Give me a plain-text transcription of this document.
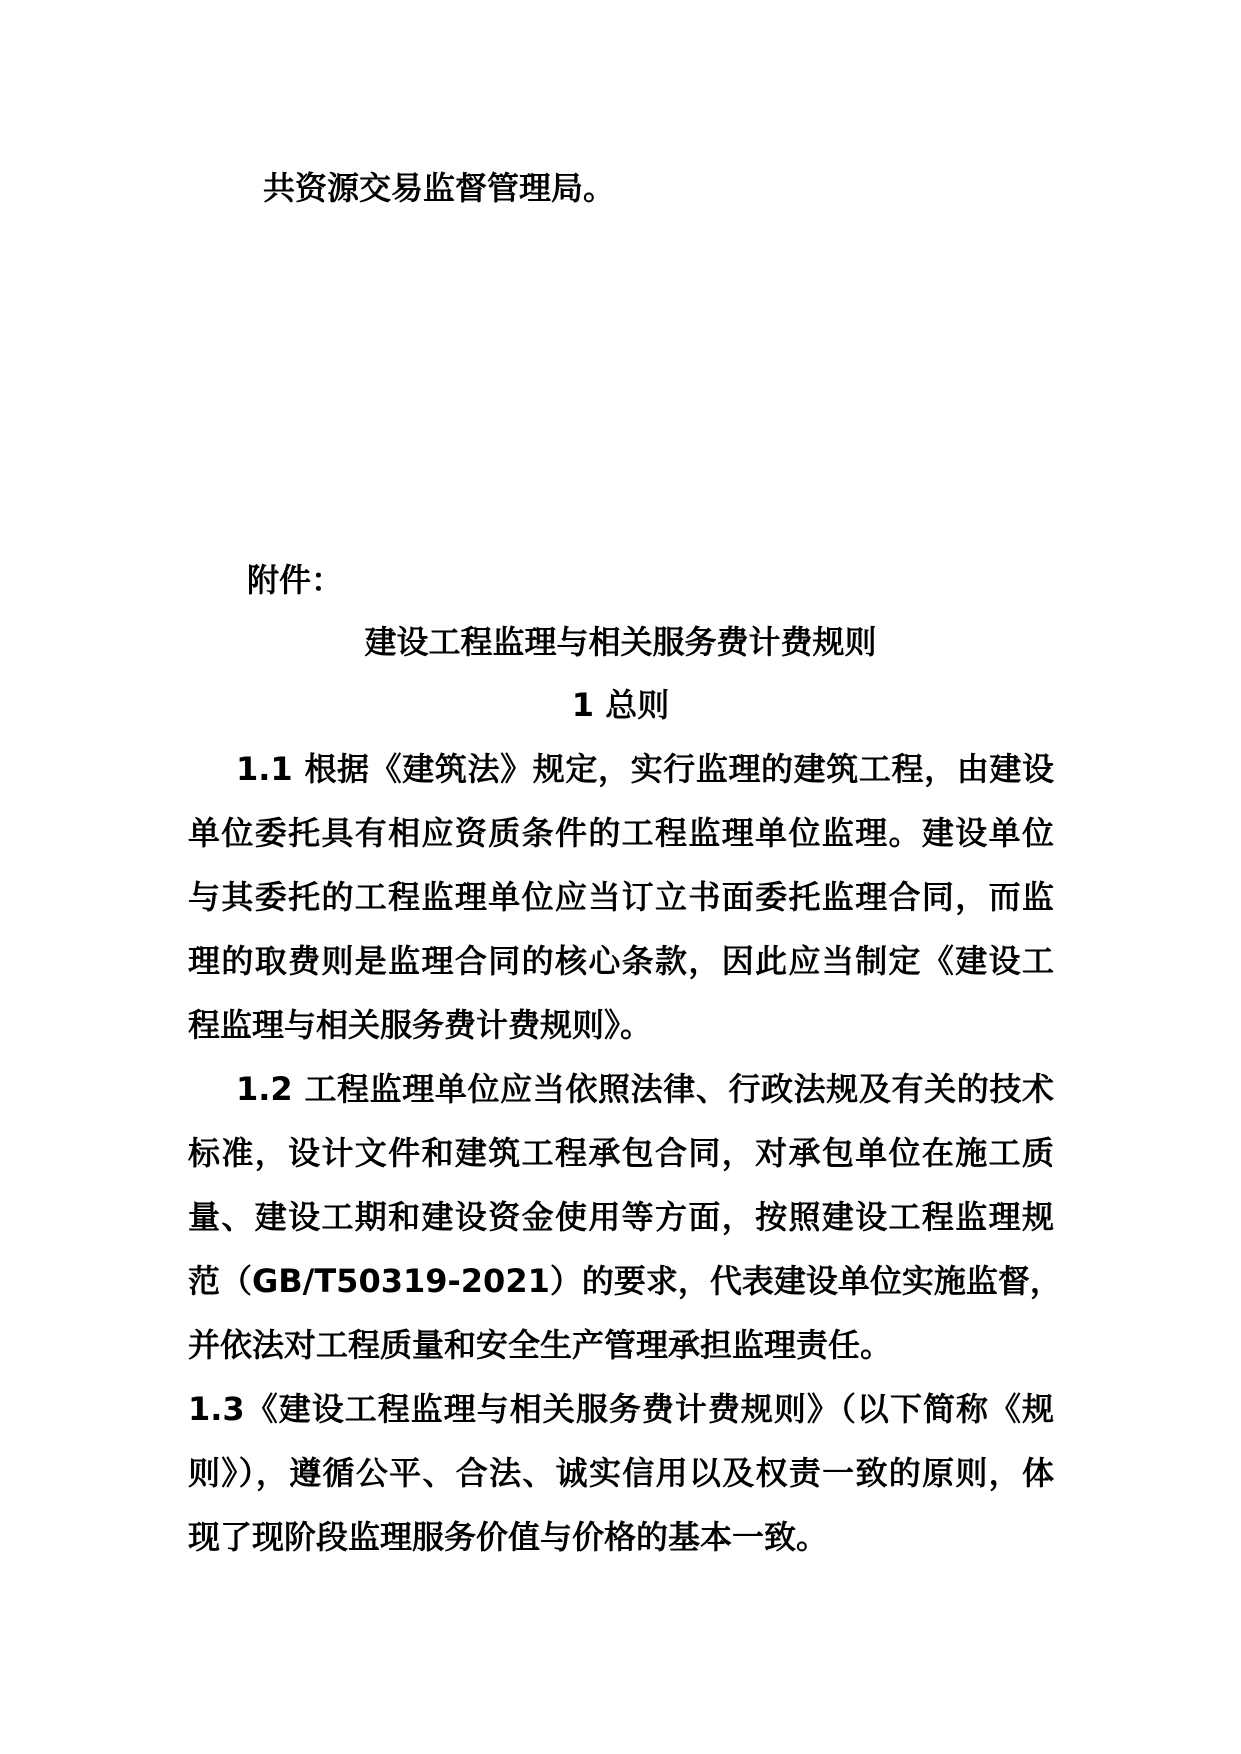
共资源交易监督管理局。
附件：
建设工程监理与相关服务费计费规则
1 总则
1.1 根据《建筑法》规定，实行监理的建筑工程，由建设
单位委托具有相应资质条件的工程监理单位监理。建设单位
与其委托的工程监理单位应当订立书面委托监理合同，而监
理的取费则是监理合同的核心条款，因此应当制定《建设工
程监理与相关服务费计费规则》。
1.2 工程监理单位应当依照法律、行政法规及有关的技术
标准，设计文件和建筑工程承包合同，对承包单位在施工质
量、建设工期和建设资金使用等方面，按照建设工程监理规
范（GB/T50319-2021）的要求，代表建设单位实施监督，
并依法对工程质量和安全生产管理承担监理责任。
1.3《建设工程监理与相关服务费计费规则》（以下简称《规
则》），遵循公平、合法、诚实信用以及权责一致的原则，体
现了现阶段监理服务价值与价格的基本一致。
